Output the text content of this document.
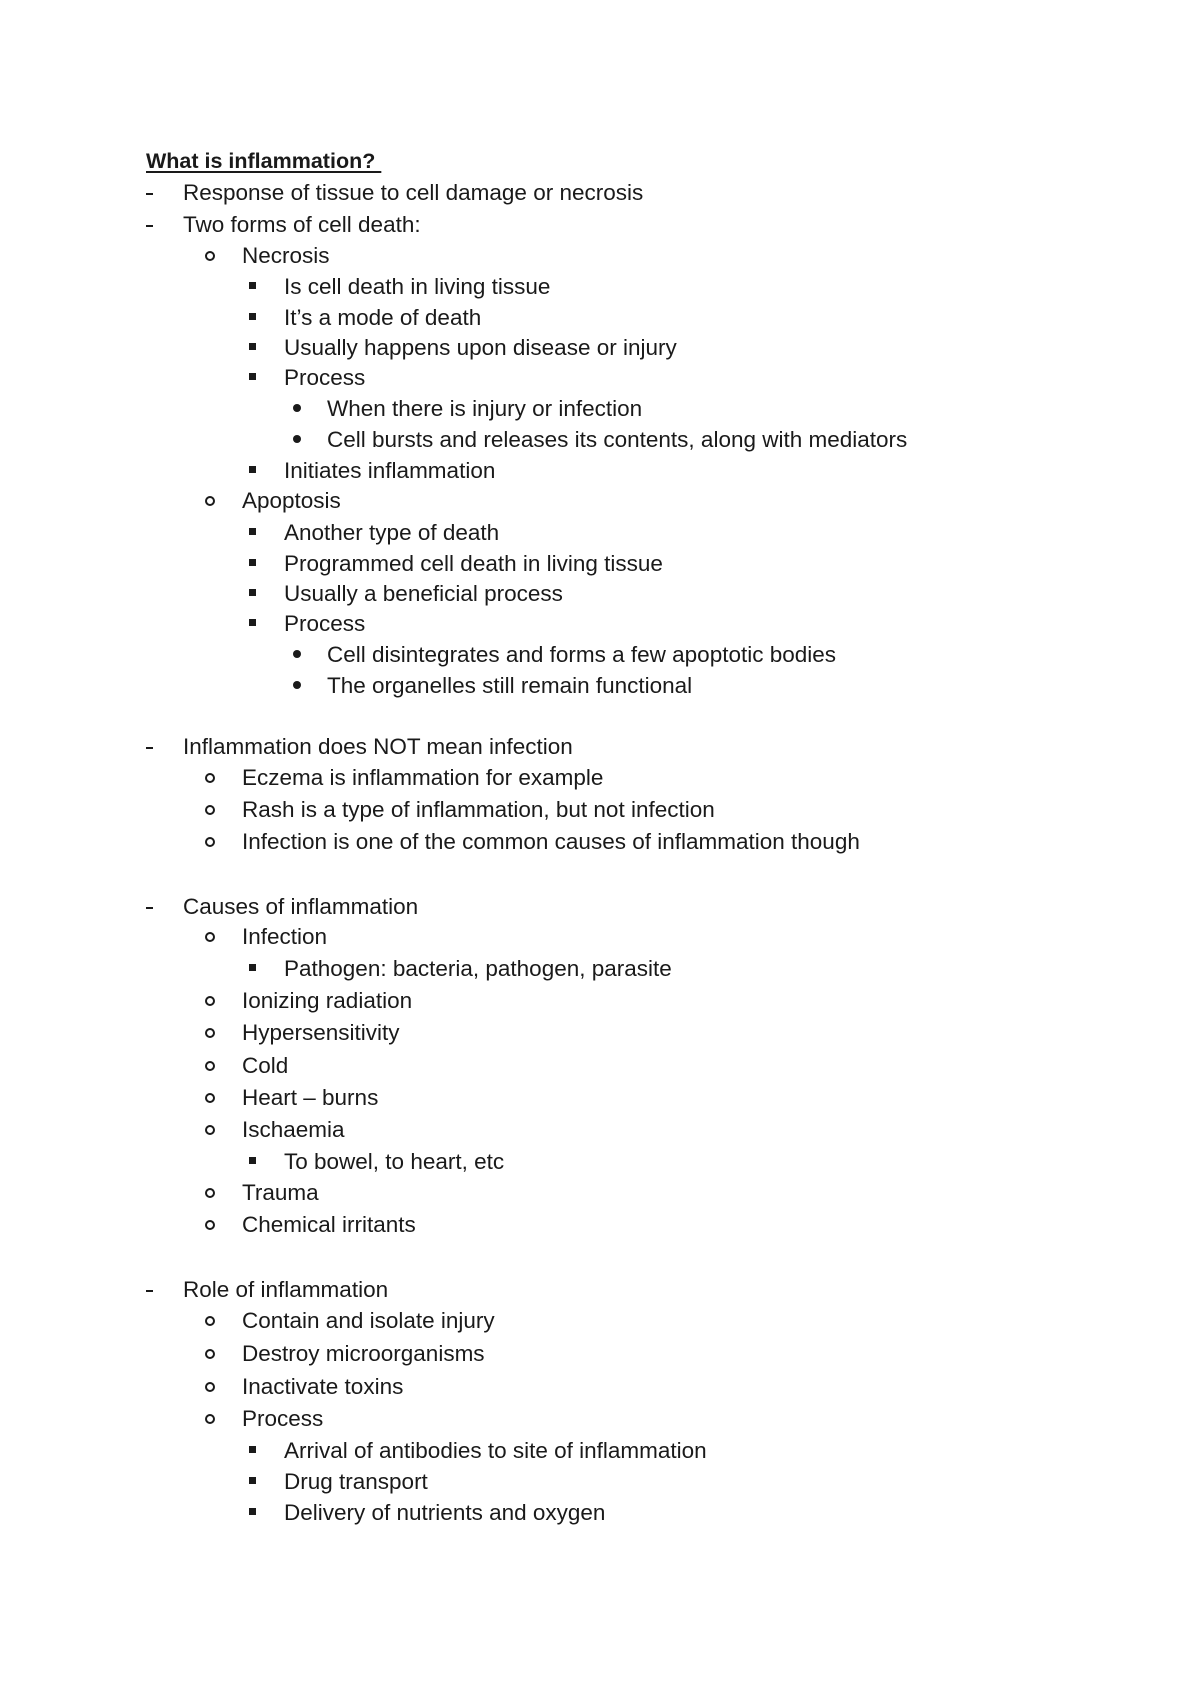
What is inflammation?
Response of tissue to cell damage or necrosis
Two forms of cell death:
Necrosis
Is cell death in living tissue
It’s a mode of death
Usually happens upon disease or injury
Process
When there is injury or infection
Cell bursts and releases its contents, along with mediators
Initiates inflammation
Apoptosis
Another type of death
Programmed cell death in living tissue
Usually a beneficial process
Process
Cell disintegrates and forms a few apoptotic bodies
The organelles still remain functional
Inflammation does NOT mean infection
Eczema is inflammation for example
Rash is a type of inflammation, but not infection
Infection is one of the common causes of inflammation though
Causes of inflammation
Infection
Pathogen: bacteria, pathogen, parasite
Ionizing radiation
Hypersensitivity
Cold
Heart – burns
Ischaemia
To bowel, to heart, etc
Trauma
Chemical irritants
Role of inflammation
Contain and isolate injury
Destroy microorganisms
Inactivate toxins
Process
Arrival of antibodies to site of inflammation
Drug transport
Delivery of nutrients and oxygen
